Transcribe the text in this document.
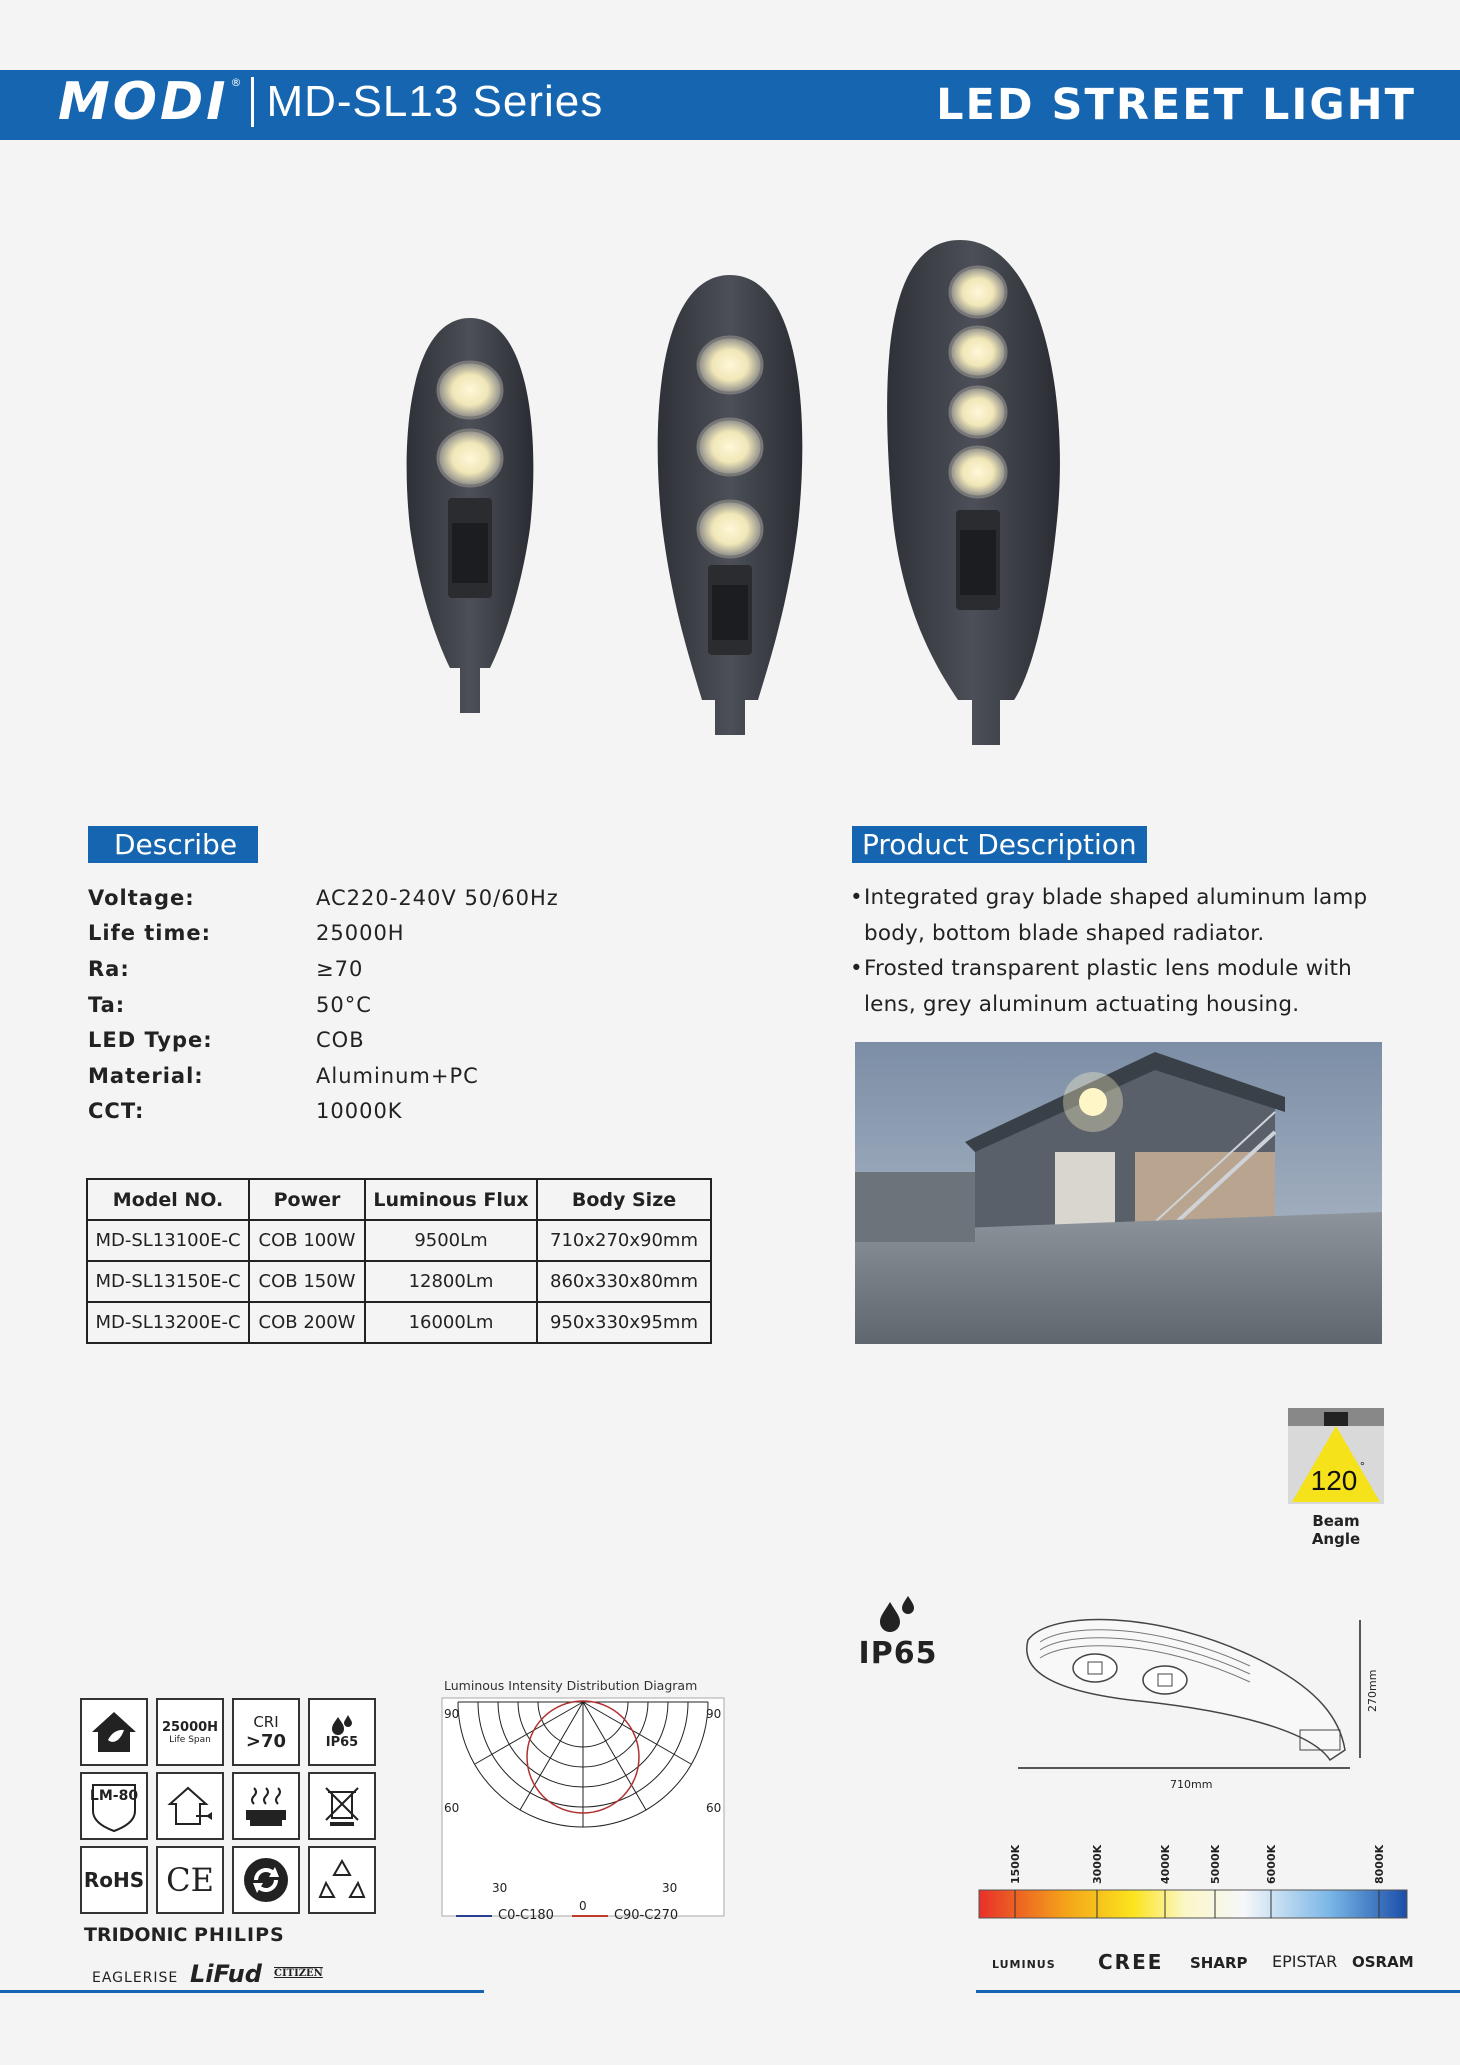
MODI ® MD-SL13 Series	LED STREET LIGHT
Describe
Voltage:	AC220-240V 50/60Hz
Life time:	25000H
Ra:	≥70
Ta:	50°C
LED Type:	COB
Material:	Aluminum+PC
CCT:	10000K
Model NO.	Power	Luminous Flux	Body Size
MD-SL13100E-C	COB 100W	9500Lm	710x270x90mm
MD-SL13150E-C	COB 150W	12800Lm	860x330x80mm
MD-SL13200E-C	COB 200W	16000Lm	950x330x95mm
Product Description
• Integrated gray blade shaped aluminum lamp body, bottom blade shaped radiator.
• Frosted transparent plastic lens module with lens, grey aluminum actuating housing.
120 °
Beam Angle
25000H
Life Span
CRI
>70	IP65
LM-80
RoHS CE
TRIDONIC PHILIPS
EAGLERISE LiFud CITIZEN
Luminous Intensity Distribution Diagram
90	90
60	60
30	30
0
C0-C180	C90-C270
IP65
710mm
270mm
1500K	3000K	4000K	5000K	6000K	8000K
LUMINUS CREE SHARP EPISTAR OSRAM
